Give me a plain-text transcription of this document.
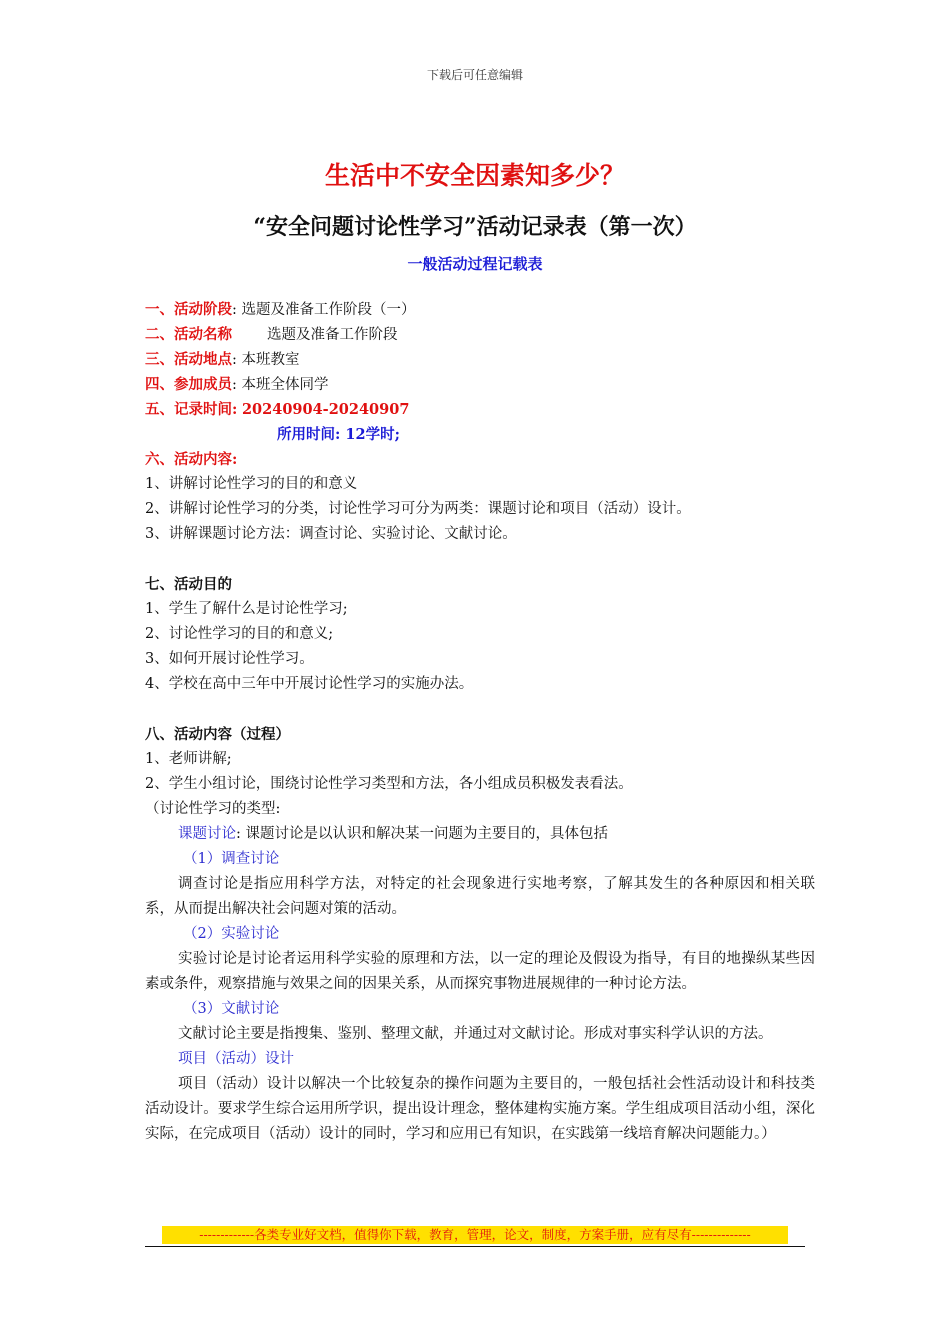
下载后可任意编辑
生活中不安全因素知多少？
“安全问题讨论性学习”活动记录表（第一次）
一般活动过程记载表
一、活动阶段: 选题及准备工作阶段（一）
二、活动名称 选题及准备工作阶段
三、活动地点: 本班教室
四、参加成员: 本班全体同学
五、记录时间: 20240904-20240907
所用时间: 12学时;
六、活动内容:
1、讲解讨论性学习的目的和意义
2、讲解讨论性学习的分类，讨论性学习可分为两类：课题讨论和项目（活动）设计。
3、讲解课题讨论方法：调查讨论、实验讨论、文献讨论。
七、活动目的
1、学生了解什么是讨论性学习;
2、讨论性学习的目的和意义;
3、如何开展讨论性学习。
4、学校在高中三年中开展讨论性学习的实施办法。
八、活动内容（过程）
1、老师讲解;
2、学生小组讨论，围绕讨论性学习类型和方法，各小组成员积极发表看法。
（讨论性学习的类型:
课题讨论: 课题讨论是以认识和解决某一问题为主要目的，具体包括
（1）调查讨论
调查讨论是指应用科学方法，对特定的社会现象进行实地考察，了解其发生的各种原因和相关联系，从而提出解决社会问题对策的活动。
（2）实验讨论
实验讨论是讨论者运用科学实验的原理和方法，以一定的理论及假设为指导，有目的地操纵某些因素或条件，观察措施与效果之间的因果关系，从而探究事物进展规律的一种讨论方法。
（3）文献讨论
文献讨论主要是指搜集、鉴别、整理文献，并通过对文献讨论。形成对事实科学认识的方法。
项目（活动）设计
项目（活动）设计以解决一个比较复杂的操作问题为主要目的，一般包括社会性活动设计和科技类活动设计。要求学生综合运用所学识，提出设计理念，整体建构实施方案。学生组成项目活动小组，深化实际，在完成项目（活动）设计的同时，学习和应用已有知识，在实践第一线培育解决问题能力。）
-------------各类专业好文档，值得你下载，教育，管理，论文，制度，方案手册，应有尽有--------------
